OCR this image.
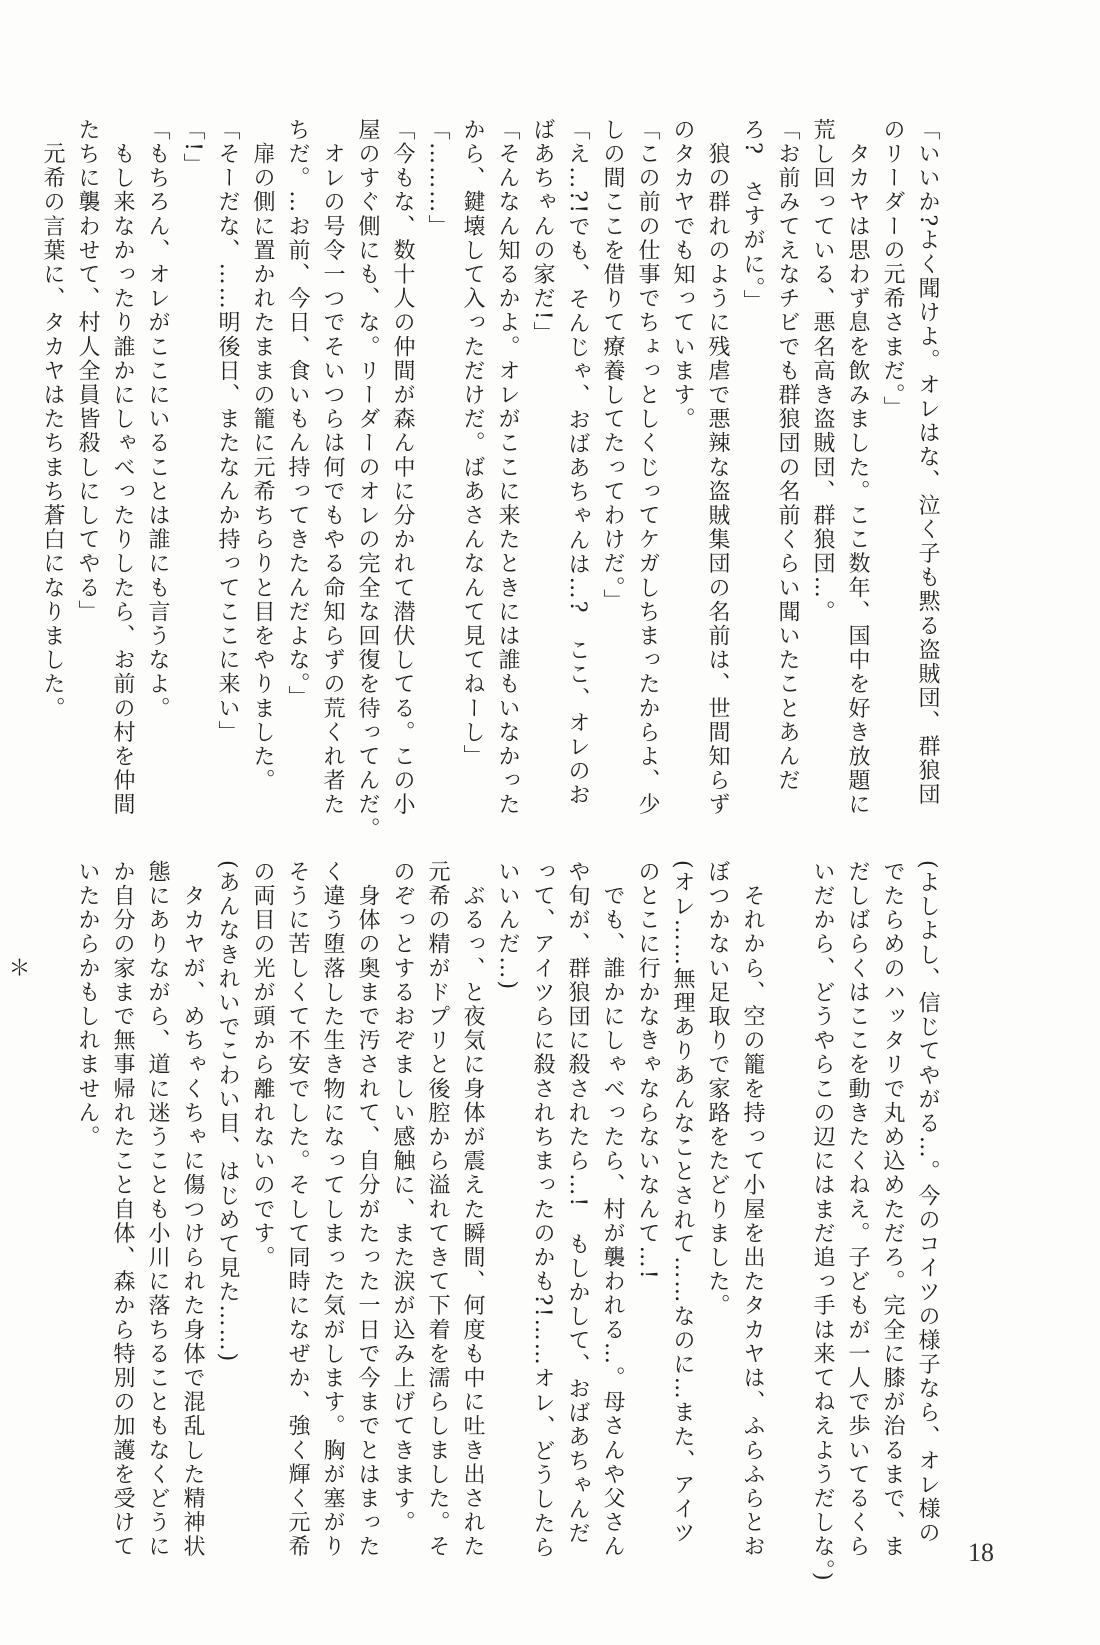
「いいか?よく聞けよ。オレはな、泣く子も黙る盗賊団、群狼団
のリーダーの元希さまだ。」
　タカヤは思わず息を飲みました。ここ数年、国中を好き放題に
荒し回っている、悪名高き盗賊団、群狼団…。
「お前みてえなチビでも群狼団の名前くらい聞いたことあんだ
ろ?　さすがに。」
　狼の群れのように残虐で悪辣な盗賊集団の名前は、世間知らず
のタカヤでも知っています。
「この前の仕事でちょっとしくじってケガしちまったからよ、少
しの間ここを借りて療養してたってわけだ。」
「え…?!でも、そんじゃ、おばあちゃんは…?　ここ、オレのお
ばあちゃんの家だ!」
「そんなん知るかよ。オレがここに来たときには誰もいなかった
から、鍵壊して入っただけだ。ばあさんなんて見てねーし」
「………」
「今もな、数十人の仲間が森ん中に分かれて潜伏してる。この小
屋のすぐ側にも、な。リーダーのオレの完全な回復を待ってんだ。
　オレの号令一つでそいつらは何でもやる命知らずの荒くれ者た
ちだ。…お前、今日、食いもん持ってきたんだよな。」
　扉の側に置かれたままの籠に元希ちらりと目をやりました。
「そーだな、……明後日、またなんか持ってここに来い」
「!」
「もちろん、オレがここにいることは誰にも言うなよ。
　もし来なかったり誰かにしゃべったりしたら、お前の村を仲間
たちに襲わせて、村人全員皆殺しにしてやる」
　元希の言葉に、タカヤはたちまち蒼白になりました。
(よしよし、信じてやがる…。今のコイツの様子なら、オレ様の
でたらめのハッタリで丸め込めただろ。完全に膝が治るまで、ま
だしばらくはここを動きたくねえ。子どもが一人で歩いてるくら
いだから、どうやらこの辺にはまだ追っ手は来てねえようだしな。)

　それから、空の籠を持って小屋を出たタカヤは、ふらふらとお
ぼつかない足取りで家路をたどりました。
(オレ……無理ありあんなことされて……なのに…また、アイツ
のとこに行かなきゃならないなんて…!
　でも、誰かにしゃべったら、村が襲われる…。母さんや父さん
や旬が、群狼団に殺されたら…!　もしかして、おばあちゃんだ
って、アイツらに殺されちまったのかも?!……オレ、どうしたら
いいんだ…)
　ぶるっ、と夜気に身体が震えた瞬間、何度も中に吐き出された
元希の精がドプリと後腔から溢れてきて下着を濡らしました。そ
のぞっとするおぞましい感触に、また涙が込み上げてきます。
　身体の奥まで汚されて、自分がたった一日で今までとはまった
く違う堕落した生き物になってしまった気がします。胸が塞がり
そうに苦しくて不安でした。そして同時になぜか、強く輝く元希
の両目の光が頭から離れないのです。
(あんなきれいでこわい目、はじめて見た……)
　タカヤが、めちゃくちゃに傷つけられた身体で混乱した精神状
態にありながら、道に迷うことも小川に落ちることもなくどうに
か自分の家まで無事帰れたこと自体、森から特別の加護を受けて
いたからかもしれません。

　　　　＊
18
